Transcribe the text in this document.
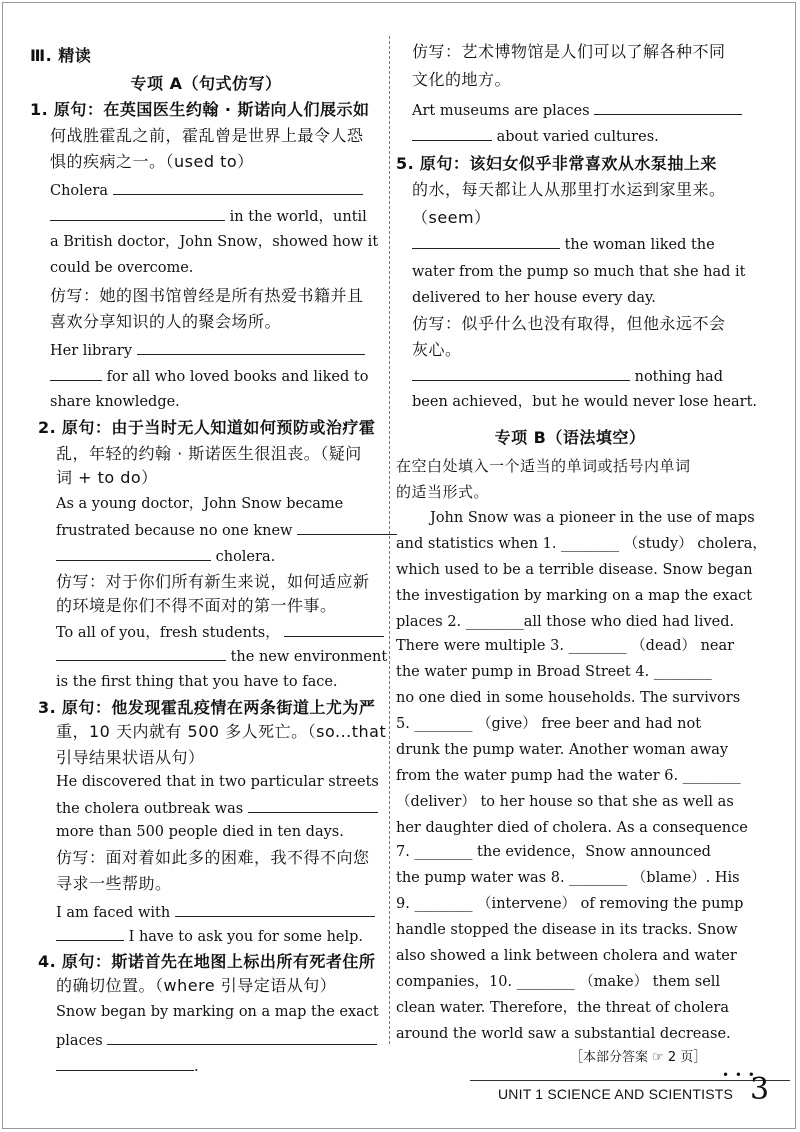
Ⅲ. 精读
专项 A（句式仿写）
1. 原句：在英国医生约翰 · 斯诺向人们展示如
何战胜霍乱之前，霍乱曾是世界上最令人恐
惧的疾病之一。（used to）
Cholera
in the world，until
a British doctor，John Snow，showed how it
could be overcome.
仿写：她的图书馆曾经是所有热爱书籍并且
喜欢分享知识的人的聚会场所。
Her library
for all who loved books and liked to
share knowledge.
2. 原句：由于当时无人知道如何预防或治疗霍
乱，年轻的约翰 · 斯诺医生很沮丧。（疑问
词 + to do）
As a young doctor，John Snow became
frustrated because no one knew
cholera.
仿写：对于你们所有新生来说，如何适应新
的环境是你们不得不面对的第一件事。
To all of you，fresh students，
the new environment
is the first thing that you have to face.
3. 原句：他发现霍乱疫情在两条街道上尤为严
重，10 天内就有 500 多人死亡。（so...that
引导结果状语从句）
He discovered that in two particular streets
the cholera outbreak was
more than 500 people died in ten days.
仿写：面对着如此多的困难，我不得不向您
寻求一些帮助。
I am faced with
I have to ask you for some help.
4. 原句：斯诺首先在地图上标出所有死者住所
的确切位置。（where 引导定语从句）
Snow began by marking on a map the exact
places
.
仿写：艺术博物馆是人们可以了解各种不同
文化的地方。
Art museums are places
about varied cultures.
5. 原句：该妇女似乎非常喜欢从水泵抽上来
的水，每天都让人从那里打水运到家里来。
（seem）
the woman liked the
water from the pump so much that she had it
delivered to her house every day.
仿写：似乎什么也没有取得，但他永远不会
灰心。
nothing had
been achieved，but he would never lose heart.
专项 B（语法填空）
在空白处填入一个适当的单词或括号内单词
的适当形式。
John Snow was a pioneer in the use of maps
and statistics when 1. ________ （study） cholera，
which used to be a terrible disease. Snow began
the investigation by marking on a map the exact
places 2. ________all those who died had lived.
There were multiple 3. ________ （dead） near
the water pump in Broad Street 4. ________
no one died in some households. The survivors
5. ________ （give） free beer and had not
drunk the pump water. Another woman away
from the water pump had the water 6. ________
（deliver） to her house so that she as well as
her daughter died of cholera. As a consequence
7. ________ the evidence，Snow announced
the pump water was 8. ________ （blame）. His
9. ________ （intervene） of removing the pump
handle stopped the disease in its tracks. Snow
also showed a link between cholera and water
companies，10. ________ （make） them sell
clean water. Therefore，the threat of cholera
around the world saw a substantial decrease.
［本部分答案 ☞ 2 页］
• • •
UNIT 1 SCIENCE AND SCIENTISTS 3
